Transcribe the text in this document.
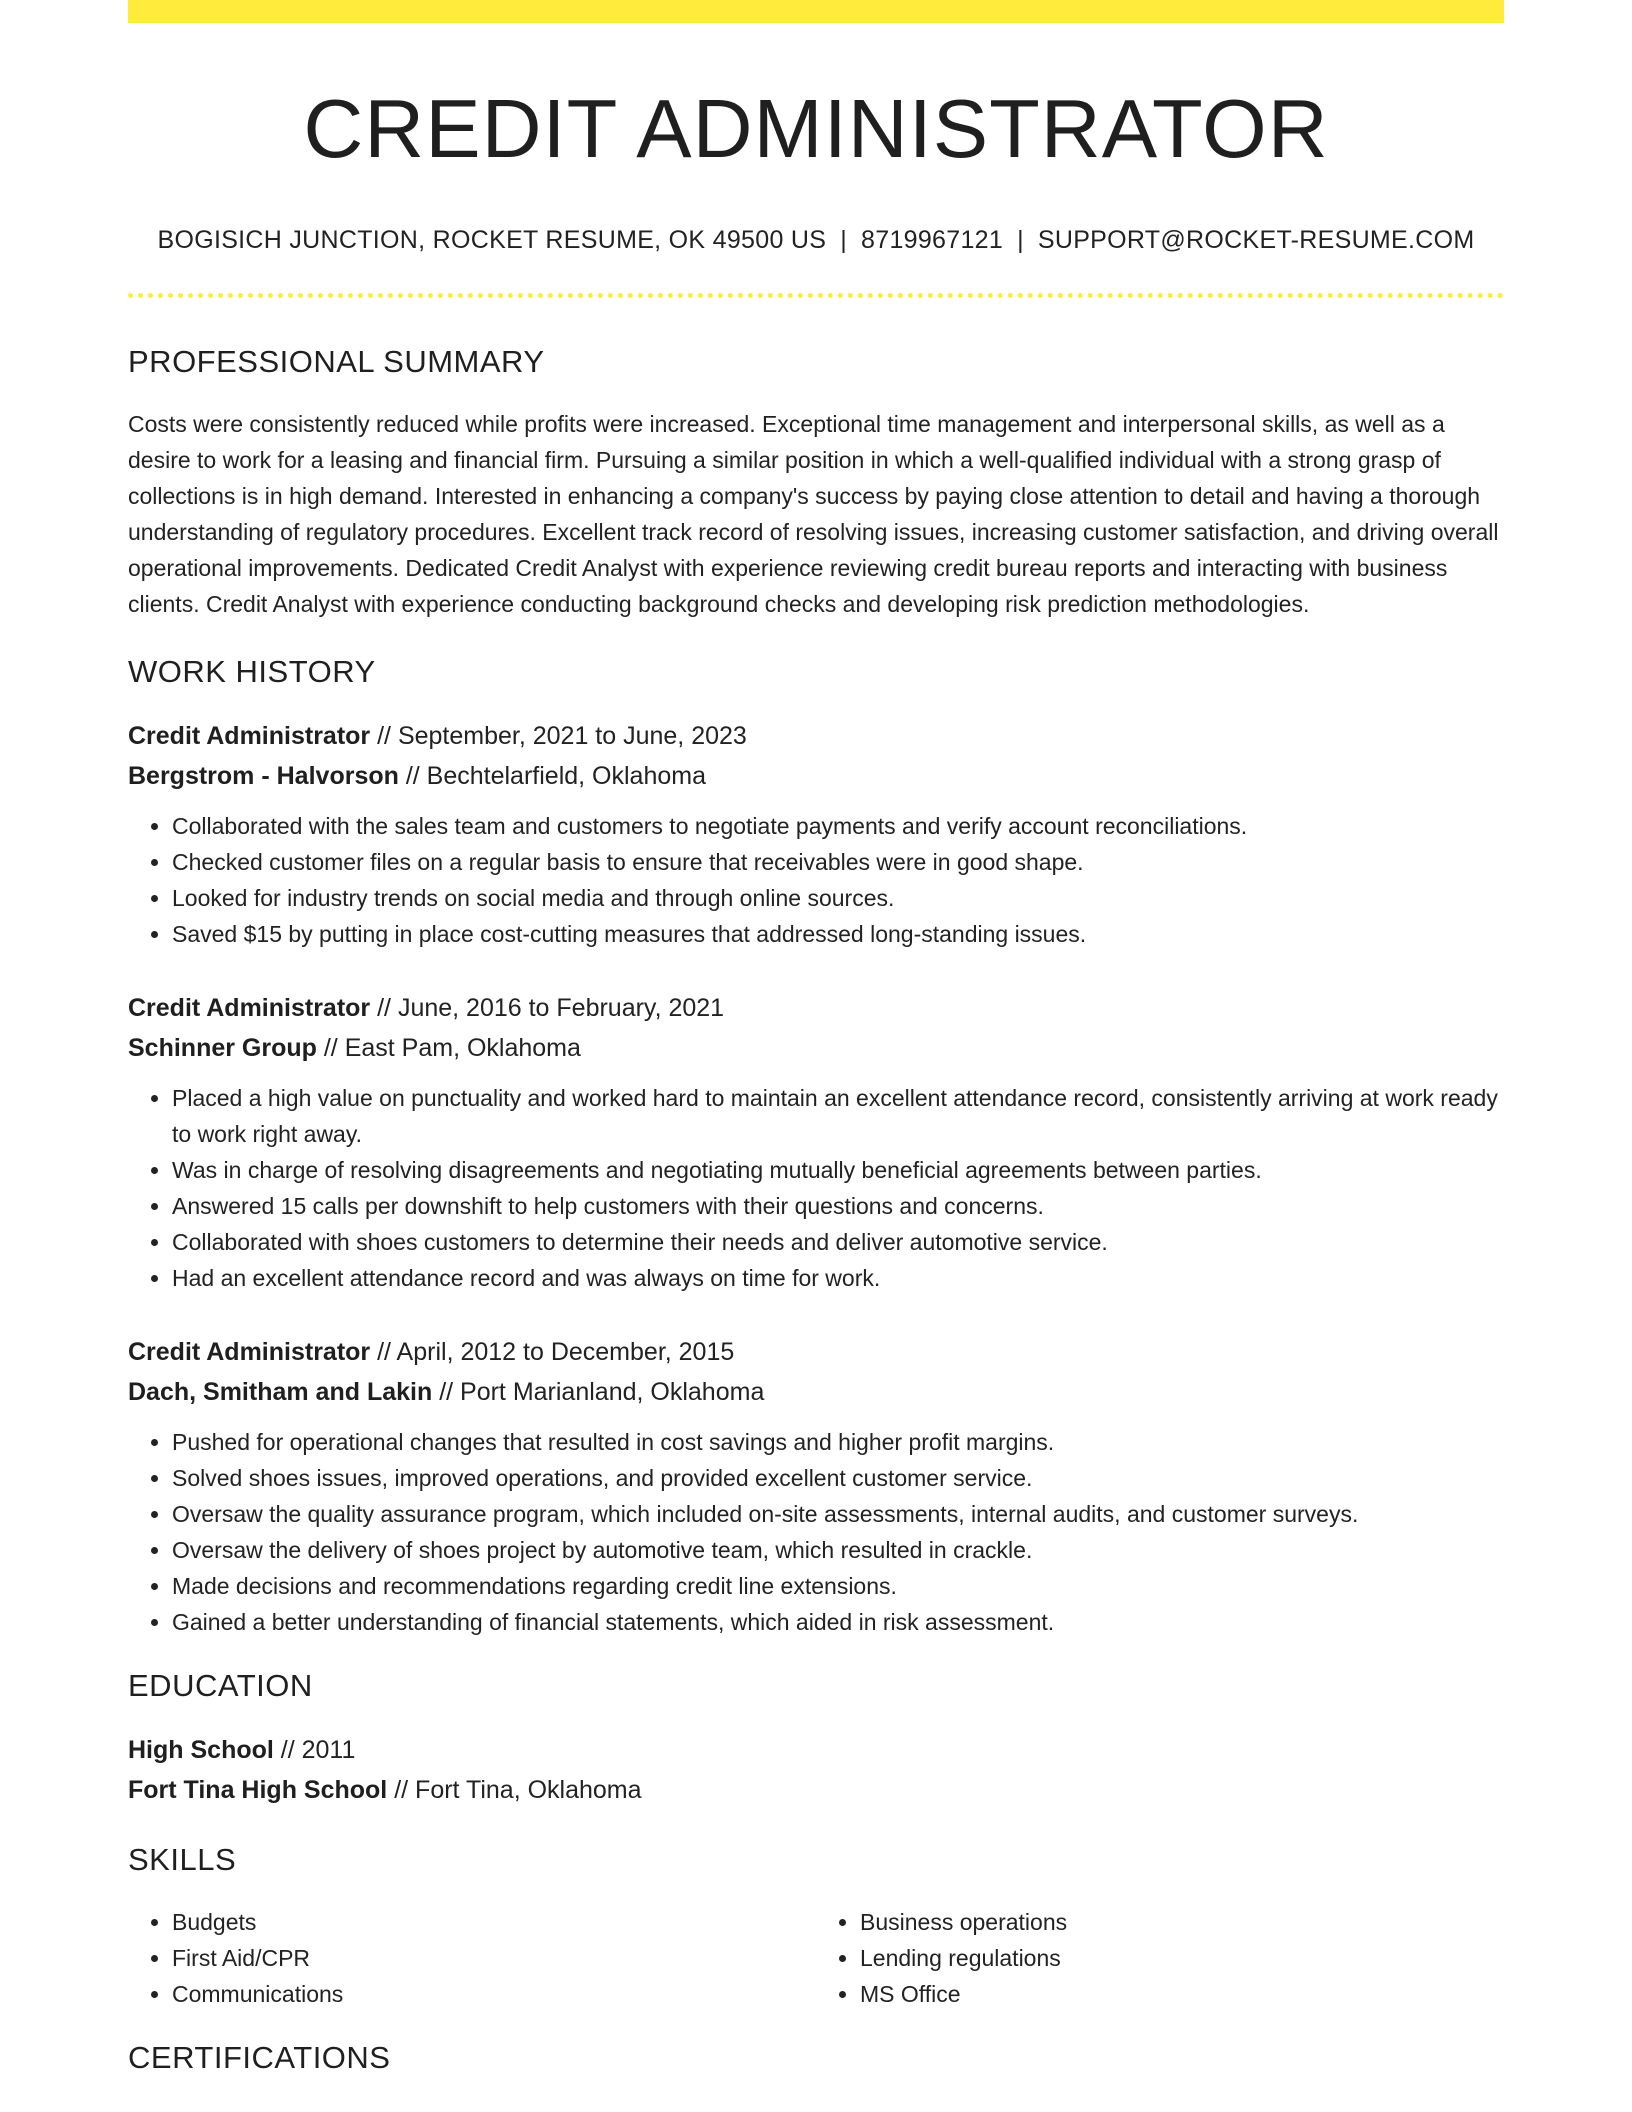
CREDIT ADMINISTRATOR
BOGISICH JUNCTION, ROCKET RESUME, OK 49500 US | 8719967121 | SUPPORT@ROCKET-RESUME.COM
PROFESSIONAL SUMMARY

Costs were consistently reduced while profits were increased. Exceptional time management and interpersonal skills, as well as a desire to work for a leasing and financial firm. Pursuing a similar position in which a well-qualified individual with a strong grasp of collections is in high demand. Interested in enhancing a company's success by paying close attention to detail and having a thorough understanding of regulatory procedures. Excellent track record of resolving issues, increasing customer satisfaction, and driving overall operational improvements. Dedicated Credit Analyst with experience reviewing credit bureau reports and interacting with business clients. Credit Analyst with experience conducting background checks and developing risk prediction methodologies.

WORK HISTORY
Credit Administrator // September, 2021 to June, 2023
Bergstrom - Halvorson // Bechtelarfield, Oklahoma
• Collaborated with the sales team and customers to negotiate payments and verify account reconciliations.
• Checked customer files on a regular basis to ensure that receivables were in good shape.
• Looked for industry trends on social media and through online sources.
• Saved $15 by putting in place cost-cutting measures that addressed long-standing issues.
Credit Administrator // June, 2016 to February, 2021
Schinner Group // East Pam, Oklahoma
• Placed a high value on punctuality and worked hard to maintain an excellent attendance record, consistently arriving at work ready to work right away.
• Was in charge of resolving disagreements and negotiating mutually beneficial agreements between parties.
• Answered 15 calls per downshift to help customers with their questions and concerns.
• Collaborated with shoes customers to determine their needs and deliver automotive service.
• Had an excellent attendance record and was always on time for work.
Credit Administrator // April, 2012 to December, 2015
Dach, Smitham and Lakin // Port Marianland, Oklahoma
• Pushed for operational changes that resulted in cost savings and higher profit margins.
• Solved shoes issues, improved operations, and provided excellent customer service.
• Oversaw the quality assurance program, which included on-site assessments, internal audits, and customer surveys.
• Oversaw the delivery of shoes project by automotive team, which resulted in crackle.
• Made decisions and recommendations regarding credit line extensions.
• Gained a better understanding of financial statements, which aided in risk assessment.
EDUCATION
High School // 2011
Fort Tina High School // Fort Tina, Oklahoma
SKILLS
• Budgets
• First Aid/CPR
• Communications
• Business operations
• Lending regulations
• MS Office
CERTIFICATIONS
